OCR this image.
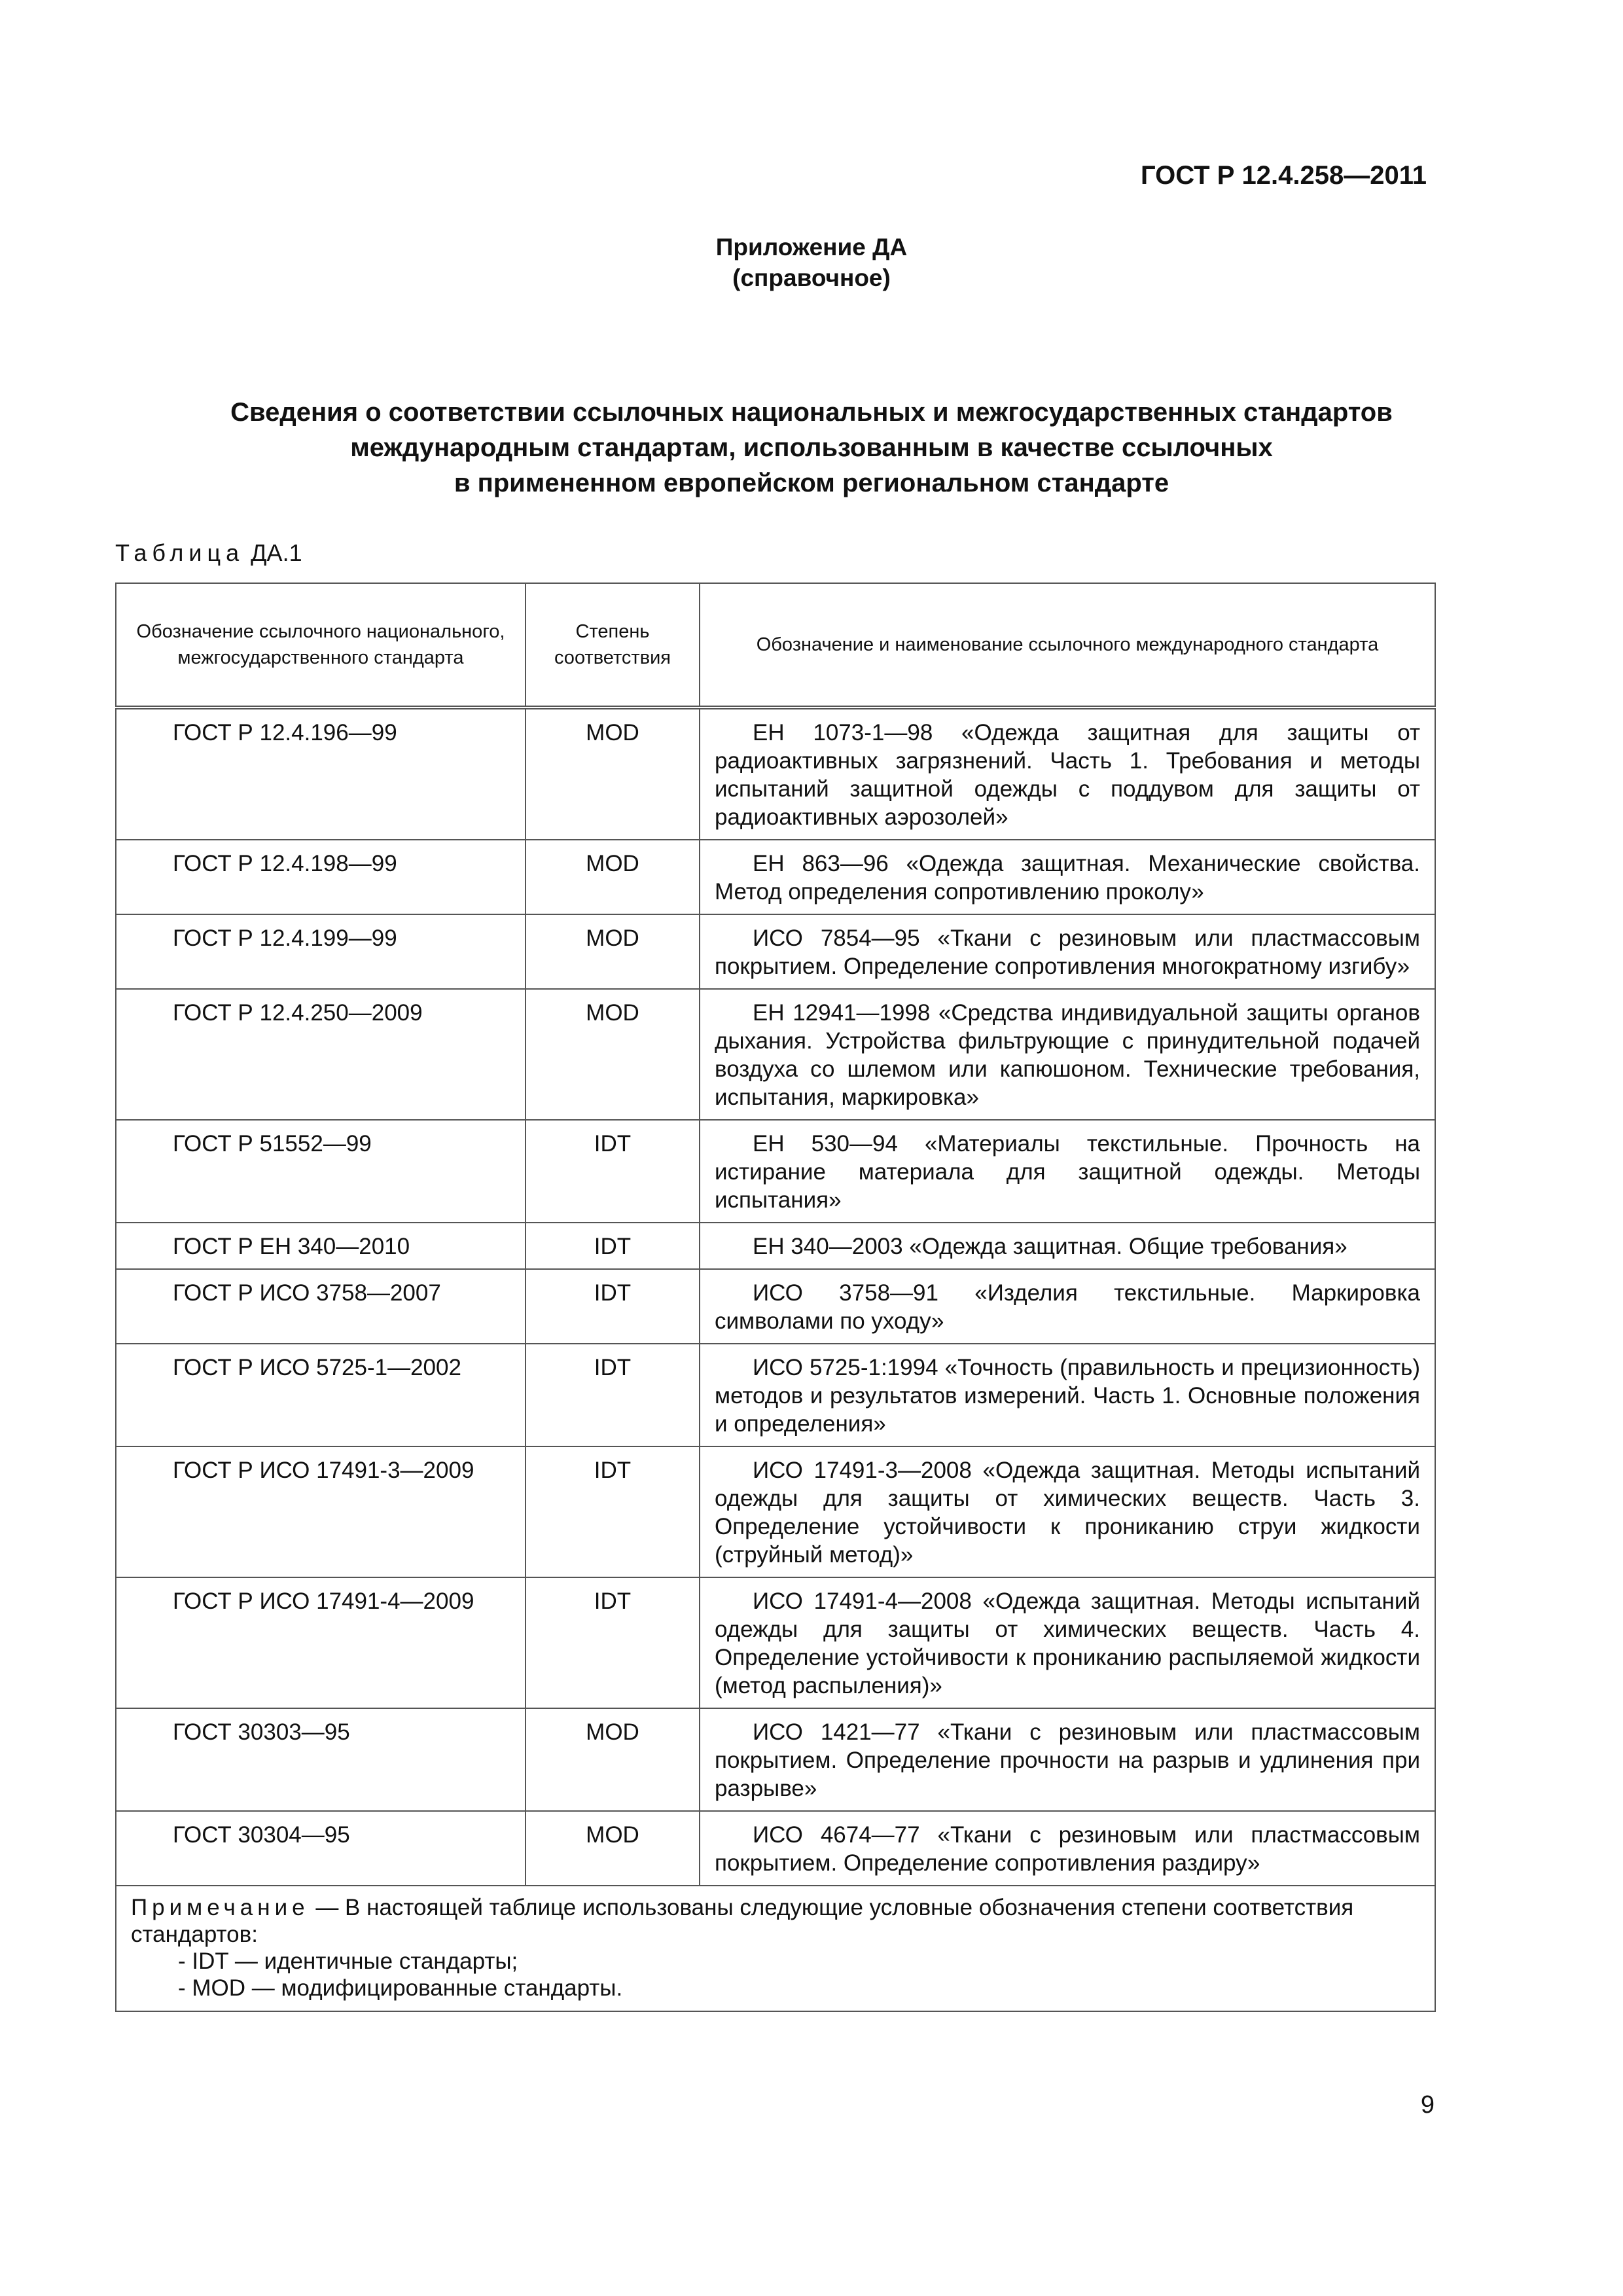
ГОСТ Р 12.4.258—2011
Приложение ДА
(справочное)
Сведения о соответствии ссылочных национальных и межгосударственных стандартов
международным стандартам, использованным в качестве ссылочных
в примененном европейском региональном стандарте
Таблица ДА.1
Обозначение ссылочного национального, межгосударственного стандарта	Степень соответствия	Обозначение и наименование ссылочного международного стандарта
ГОСТ Р 12.4.196—99	MOD	ЕН 1073-1—98 «Одежда защитная для защиты от радиоактивных загрязнений. Часть 1. Требования и методы испытаний защитной одежды с поддувом для защиты от радиоактивных аэрозолей»
ГОСТ Р 12.4.198—99	MOD	ЕН 863—96 «Одежда защитная. Механические свойства. Метод определения сопротивлению проколу»
ГОСТ Р 12.4.199—99	MOD	ИСО 7854—95 «Ткани с резиновым или пластмассовым покрытием. Определение сопротивления многократному изгибу»
ГОСТ Р 12.4.250—2009	MOD	ЕН 12941—1998 «Средства индивидуальной защиты органов дыхания. Устройства фильтрующие с принудительной подачей воздуха со шлемом или капюшоном. Технические требования, испытания, маркировка»
ГОСТ Р 51552—99	IDT	ЕН 530—94 «Материалы текстильные. Прочность на истирание материала для защитной одежды. Методы испытания»
ГОСТ Р ЕН 340—2010	IDT	ЕН 340—2003 «Одежда защитная. Общие требования»
ГОСТ Р ИСО 3758—2007	IDT	ИСО 3758—91 «Изделия текстильные. Маркировка символами по уходу»
ГОСТ Р ИСО 5725-1—2002	IDT	ИСО 5725-1:1994 «Точность (правильность и прецизионность) методов и результатов измерений. Часть 1. Основные положения и определения»
ГОСТ Р ИСО 17491-3—2009	IDT	ИСО 17491-3—2008 «Одежда защитная. Методы испытаний одежды для защиты от химических веществ. Часть 3. Определение устойчивости к прониканию струи жидкости (струйный метод)»
ГОСТ Р ИСО 17491-4—2009	IDT	ИСО 17491-4—2008 «Одежда защитная. Методы испытаний одежды для защиты от химических веществ. Часть 4. Определение устойчивости к прониканию распыляемой жидкости (метод распыления)»
ГОСТ 30303—95	MOD	ИСО 1421—77 «Ткани с резиновым или пластмассовым покрытием. Определение прочности на разрыв и удлинения при разрыве»
ГОСТ 30304—95	MOD	ИСО 4674—77 «Ткани с резиновым или пластмассовым покрытием. Определение сопротивления раздиру»

Примечание — В настоящей таблице использованы следующие условные обозначения степени соответствия стандартов:
- IDT — идентичные стандарты;
- MOD — модифицированные стандарты.		
9
